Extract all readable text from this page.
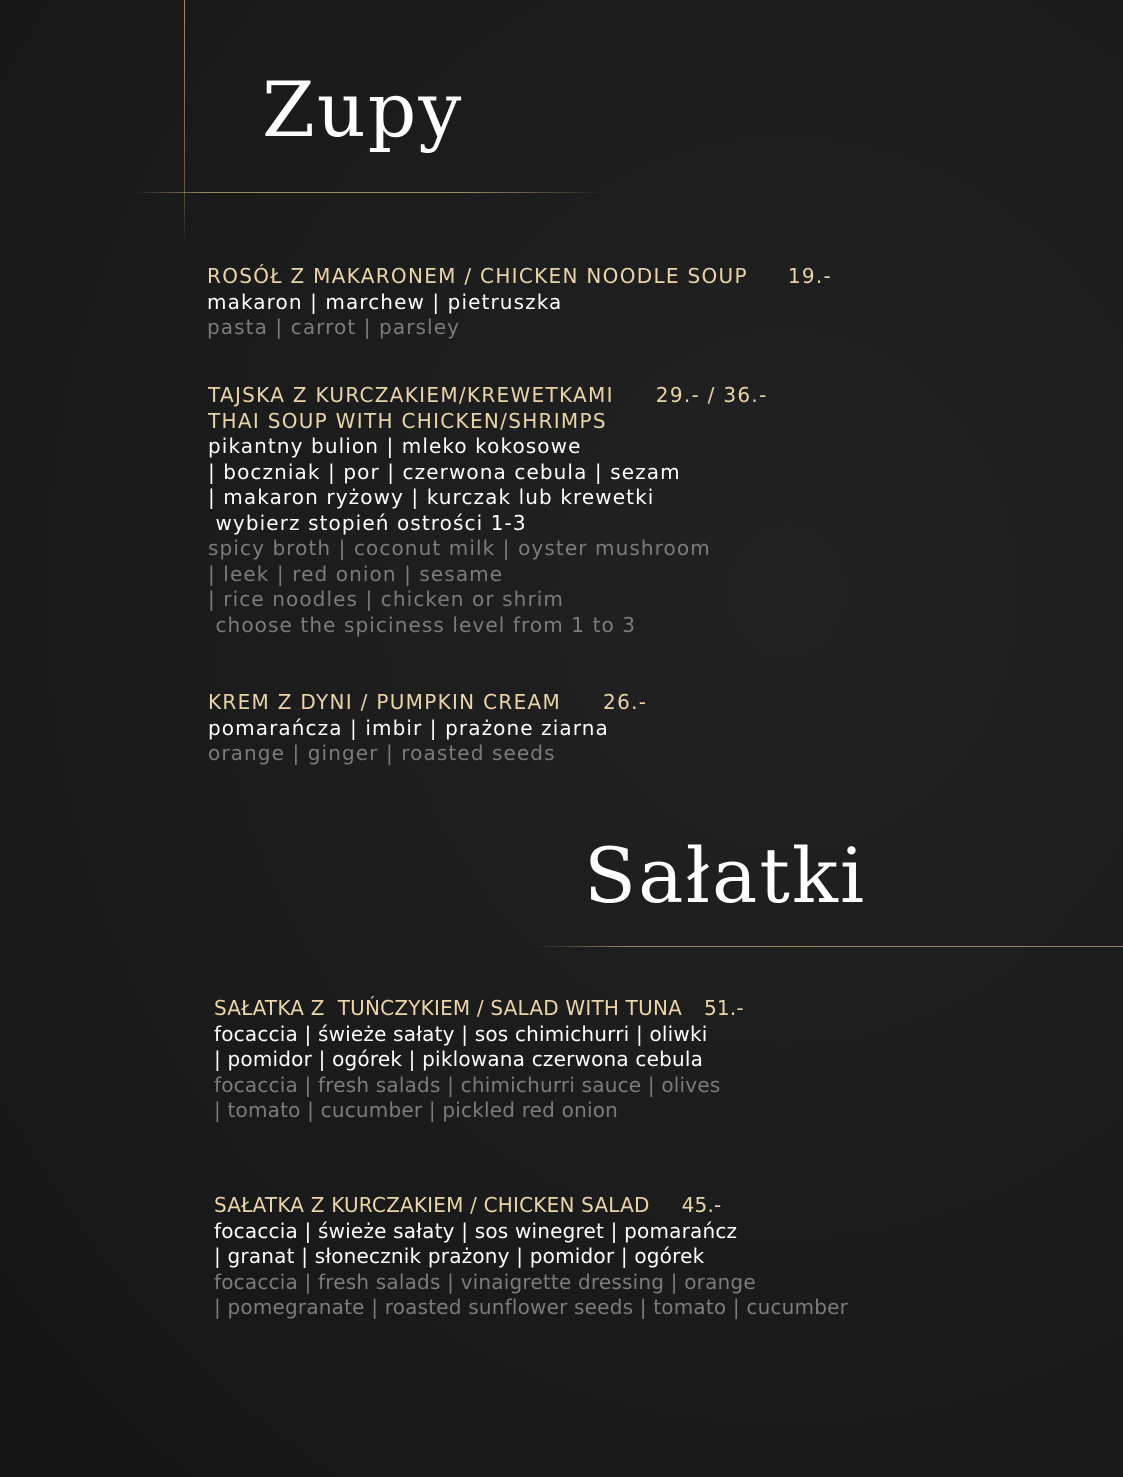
Zupy
ROSÓŁ Z MAKARONEM / CHICKEN NOODLE SOUP 19.-
makaron | marchew | pietruszka
pasta | carrot | parsley
TAJSKA Z KURCZAKIEM/KREWETKAMI 29.- / 36.-
THAI SOUP WITH CHICKEN/SHRIMPS
pikantny bulion | mleko kokosowe
| boczniak | por | czerwona cebula | sezam
| makaron ryżowy | kurczak lub krewetki
wybierz stopień ostrości 1-3
spicy broth | coconut milk | oyster mushroom
| leek | red onion | sesame
| rice noodles | chicken or shrim
choose the spiciness level from 1 to 3
KREM Z DYNI / PUMPKIN CREAM 26.-
pomarańcza | imbir | prażone ziarna
orange | ginger | roasted seeds
Sałatki
SAŁATKA Z  TUŃCZYKIEM / SALAD WITH TUNA 51.-
focaccia | świeże sałaty | sos chimichurri | oliwki
| pomidor | ogórek | piklowana czerwona cebula
focaccia | fresh salads | chimichurri sauce | olives
| tomato | cucumber | pickled red onion
SAŁATKA Z KURCZAKIEM / CHICKEN SALAD 45.-
focaccia | świeże sałaty | sos winegret | pomarańcz
| granat | słonecznik prażony | pomidor | ogórek
focaccia | fresh salads | vinaigrette dressing | orange
| pomegranate | roasted sunflower seeds | tomato | cucumber
